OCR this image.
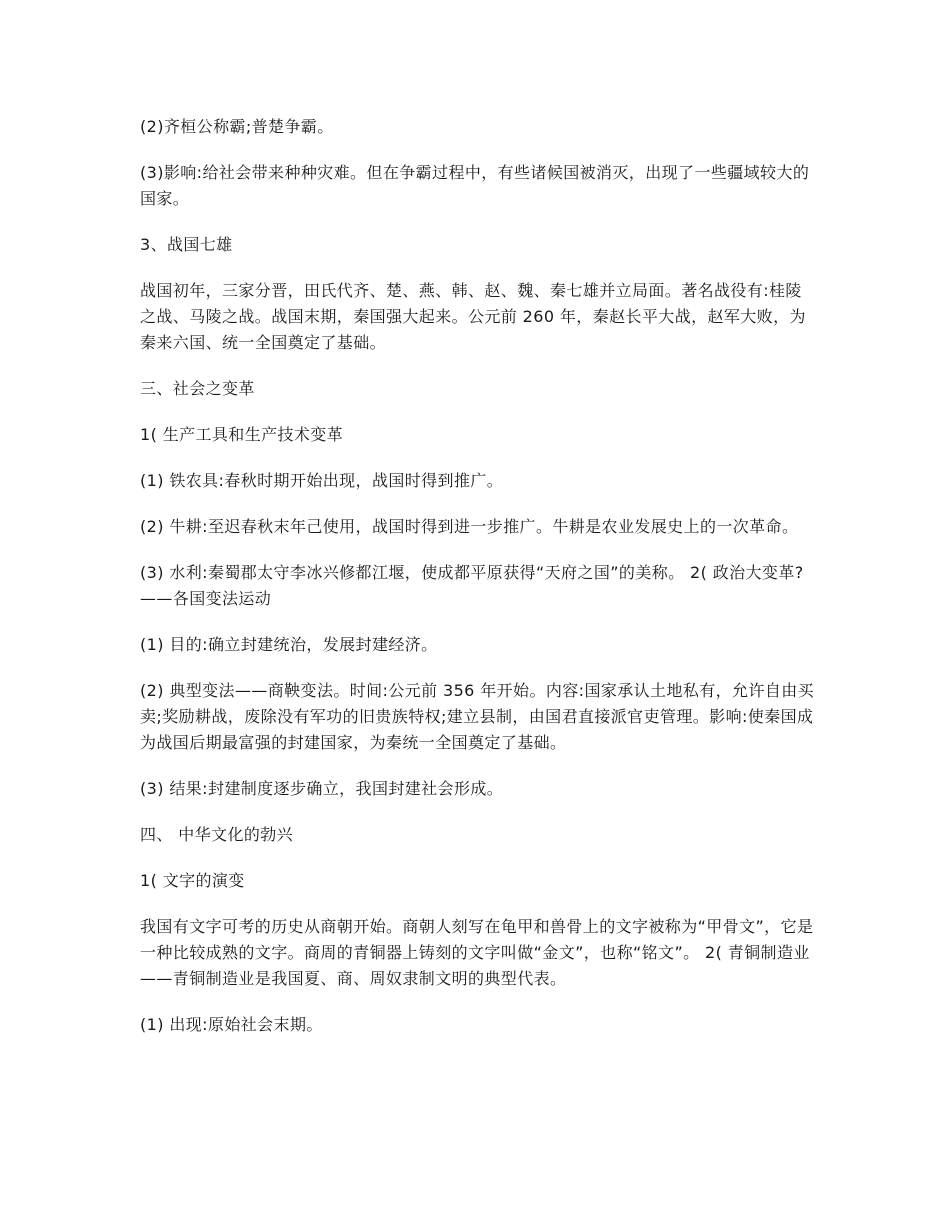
(2)齐桓公称霸;普楚争霸。

(3)影响:给社会带来种种灾难。但在争霸过程中，有些诸候国被消灭，出现了一些疆域较大的国家。

3、战国七雄

战国初年，三家分晋，田氏代齐、楚、燕、韩、赵、魏、秦七雄并立局面。著名战役有:桂陵之战、马陵之战。战国末期，秦国强大起来。公元前 260 年，秦赵长平大战，赵军大败，为秦来六国、统一全国奠定了基础。

三、社会之变革

1( 生产工具和生产技术变革

(1) 铁农具:春秋时期开始出现，战国时得到推广。

(2) 牛耕:至迟春秋末年己使用，战国时得到进一步推广。牛耕是农业发展史上的一次革命。

(3) 水利:秦蜀郡太守李冰兴修都江堰，使成都平原获得“天府之国”的美称。 2( 政治大变革?——各国变法运动

(1) 目的:确立封建统治，发展封建经济。

(2) 典型变法——商鞅变法。时间:公元前 356 年开始。内容:国家承认土地私有，允许自由买卖;奖励耕战，废除没有军功的旧贵族特权;建立县制，由国君直接派官吏管理。影响:使秦国成为战国后期最富强的封建国家，为秦统一全国奠定了基础。

(3) 结果:封建制度逐步确立，我国封建社会形成。

四、 中华文化的勃兴

1( 文字的演变

我国有文字可考的历史从商朝开始。商朝人刻写在龟甲和兽骨上的文字被称为“甲骨文”，它是一种比较成熟的文字。商周的青铜器上铸刻的文字叫做“金文”，也称“铭文”。 2( 青铜制造业——青铜制造业是我国夏、商、周奴隶制文明的典型代表。

(1) 出现:原始社会末期。
